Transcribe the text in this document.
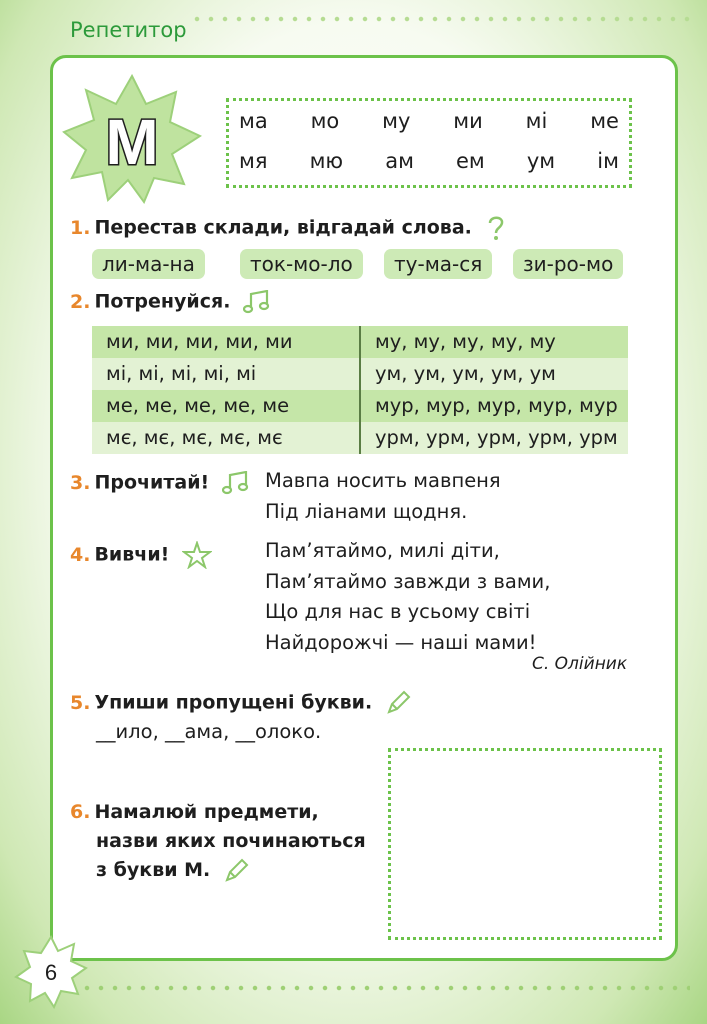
Репетитор
М	ма мо му ми мі ме
мя мю ам ем ум ім
1. Перестав склади, відгадай слова.
ли-ма-на	ток-мо-ло	ту-ма-ся	зи-ро-мо
2. Потренуйся.
ми, ми, ми, ми, ми	му, му, му, му, му
мі, мі, мі, мі, мі	ум, ум, ум, ум, ум
ме, ме, ме, ме, ме	мур, мур, мур, мур, мур
мє, мє, мє, мє, мє	урм, урм, урм, урм, урм
3. Прочитай!	Мавпа носить мавпеня
Під ліанами щодня.
4. Вивчи!	Пам’ятаймо, милі діти,
Пам’ятаймо завжди з вами,
Що для нас в усьому світі
Найдорожчі — наші мами!
С. Олійник
5. Упиши пропущені букви.
__ило, __ама, __олоко.
6. Намалюй предмети,
назви яких починаються
з букви М.
6
